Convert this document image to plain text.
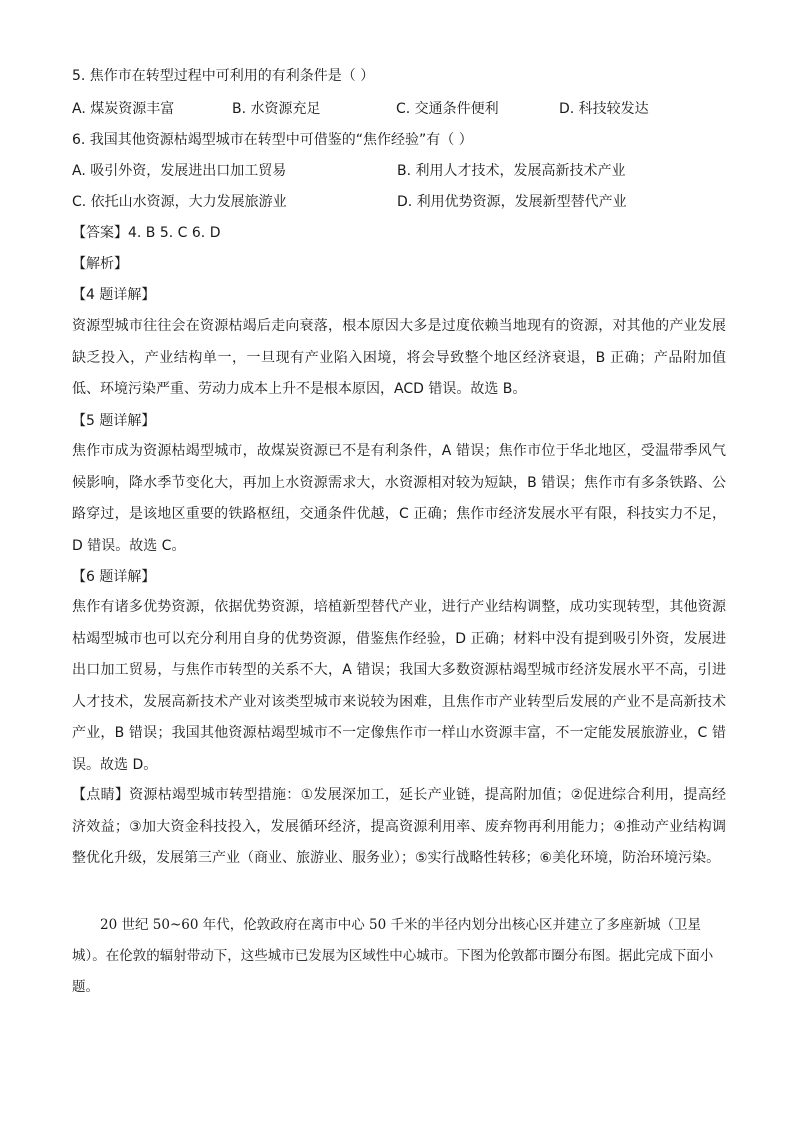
5. 焦作市在转型过程中可利用的有利条件是（ ）
A. 煤炭资源丰富	B. 水资源充足	C. 交通条件便利	D. 科技较发达
6. 我国其他资源枯竭型城市在转型中可借鉴的“焦作经验”有（ ）
A. 吸引外资，发展进出口加工贸易	B. 利用人才技术，发展高新技术产业
C. 依托山水资源，大力发展旅游业	D. 利用优势资源，发展新型替代产业
【答案】4. B 5. C 6. D
【解析】
【4 题详解】
资源型城市往往会在资源枯竭后走向衰落，根本原因大多是过度依赖当地现有的资源，对其他的产业发展缺乏投入，产业结构单一，一旦现有产业陷入困境，将会导致整个地区经济衰退，B 正确；产品附加值低、环境污染严重、劳动力成本上升不是根本原因，ACD 错误。故选 B。
【5 题详解】
焦作市成为资源枯竭型城市，故煤炭资源已不是有利条件，A 错误；焦作市位于华北地区，受温带季风气候影响，降水季节变化大，再加上水资源需求大，水资源相对较为短缺，B 错误；焦作市有多条铁路、公路穿过，是该地区重要的铁路枢纽，交通条件优越，C 正确；焦作市经济发展水平有限，科技实力不足，D 错误。故选 C。
【6 题详解】
焦作有诸多优势资源，依据优势资源，培植新型替代产业，进行产业结构调整，成功实现转型，其他资源枯竭型城市也可以充分利用自身的优势资源，借鉴焦作经验，D 正确；材料中没有提到吸引外资，发展进出口加工贸易，与焦作市转型的关系不大，A 错误；我国大多数资源枯竭型城市经济发展水平不高，引进人才技术，发展高新技术产业对该类型城市来说较为困难，且焦作市产业转型后发展的产业不是高新技术产业，B 错误；我国其他资源枯竭型城市不一定像焦作市一样山水资源丰富，不一定能发展旅游业，C 错误。故选 D。
【点睛】资源枯竭型城市转型措施：①发展深加工，延长产业链，提高附加值；②促进综合利用，提高经济效益；③加大资金科技投入，发展循环经济，提高资源利用率、废弃物再利用能力；④推动产业结构调整优化升级，发展第三产业（商业、旅游业、服务业）；⑤实行战略性转移；⑥美化环境，防治环境污染。
20 世纪 50~60 年代，伦敦政府在离市中心 50 千米的半径内划分出核心区并建立了多座新城（卫星城）。在伦敦的辐射带动下，这些城市已发展为区域性中心城市。下图为伦敦都市圈分布图。据此完成下面小题。
